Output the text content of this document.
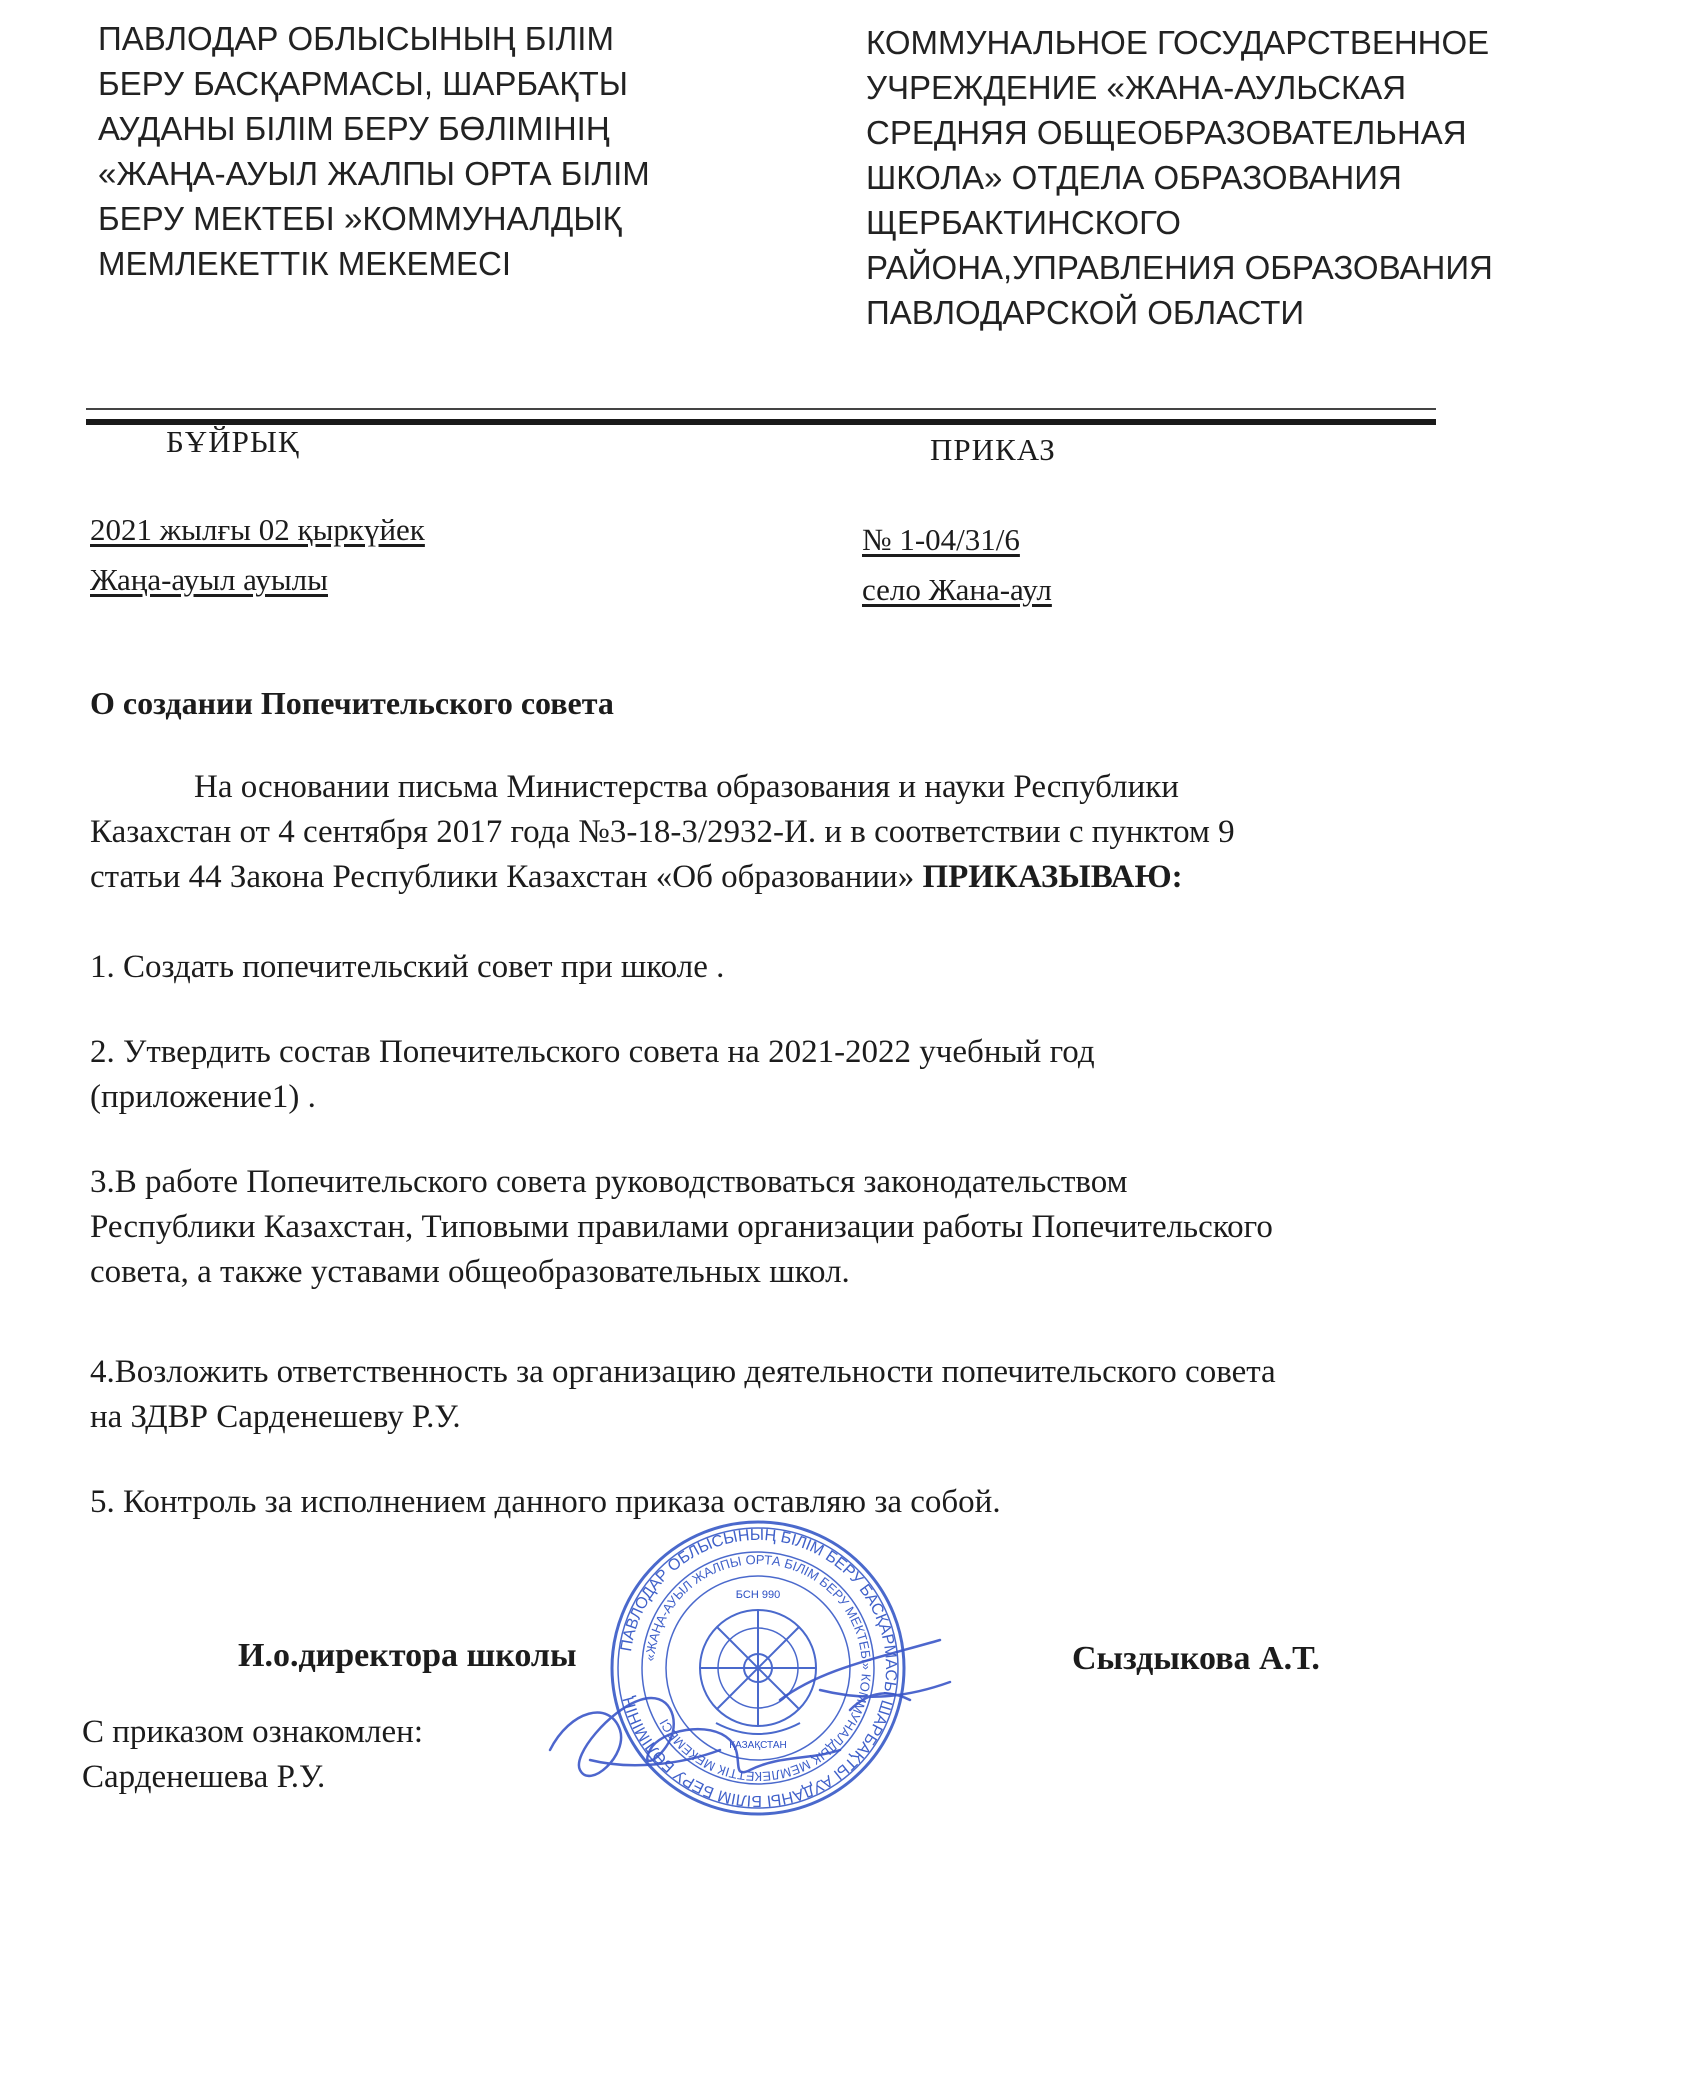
ПАВЛОДАР ОБЛЫСЫНЫҢ БІЛІМ
БЕРУ БАСҚАРМАСЫ, ШАРБАҚТЫ
АУДАНЫ БІЛІМ БЕРУ БӨЛІМІНІҢ
«ЖАҢА-АУЫЛ ЖАЛПЫ ОРТА БІЛІМ
БЕРУ МЕКТЕБІ »КОММУНАЛДЫҚ
МЕМЛЕКЕТТІК МЕКЕМЕСІ
КОММУНАЛЬНОЕ ГОСУДАРСТВЕННОЕ
УЧРЕЖДЕНИЕ «ЖАНА-АУЛЬСКАЯ
СРЕДНЯЯ ОБЩЕОБРАЗОВАТЕЛЬНАЯ
ШКОЛА» ОТДЕЛА ОБРАЗОВАНИЯ
ЩЕРБАКТИНСКОГО
РАЙОНА,УПРАВЛЕНИЯ ОБРАЗОВАНИЯ
ПАВЛОДАРСКОЙ ОБЛАСТИ
БҰЙРЫҚ	ПРИКАЗ
2021 жылғы 02 қыркүйек
Жаңа-ауыл ауылы
№ 1-04/31/6
село Жана-аул
О создании Попечительского совета
На основании письма Министерства образования и науки Республики
Казахстан от 4 сентября 2017 года №3-18-3/2932-И. и в соответствии с пунктом 9
статьи 44 Закона Республики Казахстан «Об образовании» ПРИКАЗЫВАЮ:
1. Создать попечительский совет при школе .
2. Утвердить состав Попечительского совета на 2021-2022 учебный год
(приложение1) .
3.В работе Попечительского совета руководствоваться законодательством
Республики Казахстан, Типовыми правилами организации работы Попечительского
совета, а также уставами общеобразовательных школ.
4.Возложить ответственность за организацию деятельности попечительского совета
на ЗДВР Сарденешеву Р.У.
5. Контроль за исполнением данного приказа оставляю за собой.
ПАВЛОДАР ОБЛЫСЫНЫҢ БІЛІМ БЕРУ БАСҚАРМАСЫ ШАРБАҚТЫ АУДАНЫ БІЛІМ БЕРУ БӨЛІМІНІҢ
«ЖАҢА-АУЫЛ ЖАЛПЫ ОРТА БІЛІМ БЕРУ МЕКТЕБІ» КОММУНАЛДЫҚ МЕМЛЕКЕТТІК МЕКЕМЕСІ
ҚАЗАҚСТАН
БСН 990
И.о.директора школы	Сыздыкова А.Т.
С приказом ознакомлен:
Сарденешева Р.У.
